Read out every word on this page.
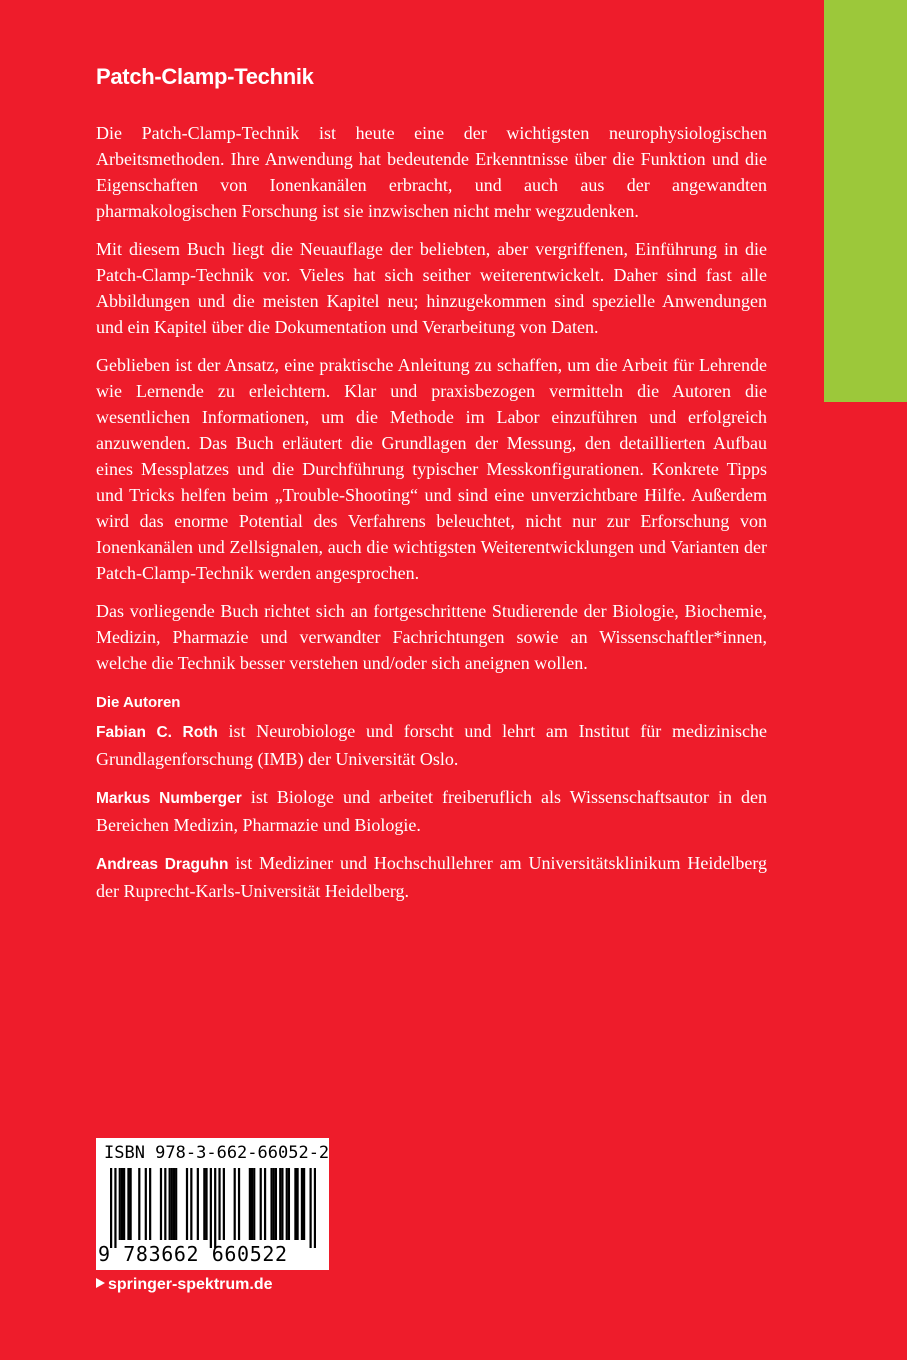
Patch-Clamp-Technik

Die Patch-Clamp-Technik ist heute eine der wichtigsten neurophysiologischen Arbeitsmethoden. Ihre Anwendung hat bedeutende Erkenntnisse über die Funktion und die Eigenschaften von Ionenkanälen erbracht, und auch aus der angewandten pharmakologischen Forschung ist sie inzwischen nicht mehr wegzudenken.

Mit diesem Buch liegt die Neuauflage der beliebten, aber vergriffenen, Einführung in die Patch-Clamp-Technik vor. Vieles hat sich seither weiterentwickelt. Daher sind fast alle Abbildungen und die meisten Kapitel neu; hinzugekommen sind spezielle Anwendungen und ein Kapitel über die Dokumentation und Verarbeitung von Daten.

Geblieben ist der Ansatz, eine praktische Anleitung zu schaffen, um die Arbeit für Lehrende wie Lernende zu erleichtern. Klar und praxisbezogen vermitteln die Autoren die wesentlichen Informationen, um die Methode im Labor einzuführen und erfolgreich anzuwenden. Das Buch erläutert die Grundlagen der Messung, den detaillierten Aufbau eines Messplatzes und die Durchführung typischer Messkonfigurationen. Konkrete Tipps und Tricks helfen beim „Trouble-Shooting“ und sind eine unverzichtbare Hilfe. Außerdem wird das enorme Potential des Verfahrens beleuchtet, nicht nur zur Erforschung von Ionenkanälen und Zellsignalen, auch die wichtigsten Weiterentwicklungen und Varianten der Patch-Clamp-Technik werden angesprochen.

Das vorliegende Buch richtet sich an fortgeschrittene Studierende der Biologie, Biochemie, Medizin, Pharmazie und verwandter Fachrichtungen sowie an Wissenschaftler*innen, welche die Technik besser verstehen und/oder sich aneignen wollen.

Die Autoren

Fabian C. Roth ist Neurobiologe und forscht und lehrt am Institut für medizinische Grundlagenforschung (IMB) der Universität Oslo.

Markus Numberger ist Biologe und arbeitet freiberuflich als Wissenschaftsautor in den Bereichen Medizin, Pharmazie und Biologie.

Andreas Draguhn ist Mediziner und Hochschullehrer am Universitätsklinikum Heidelberg der Ruprecht-Karls-Universität Heidelberg.

ISBN 978-3-662-66052-2
9 783662 660522
springer-spektrum.de
